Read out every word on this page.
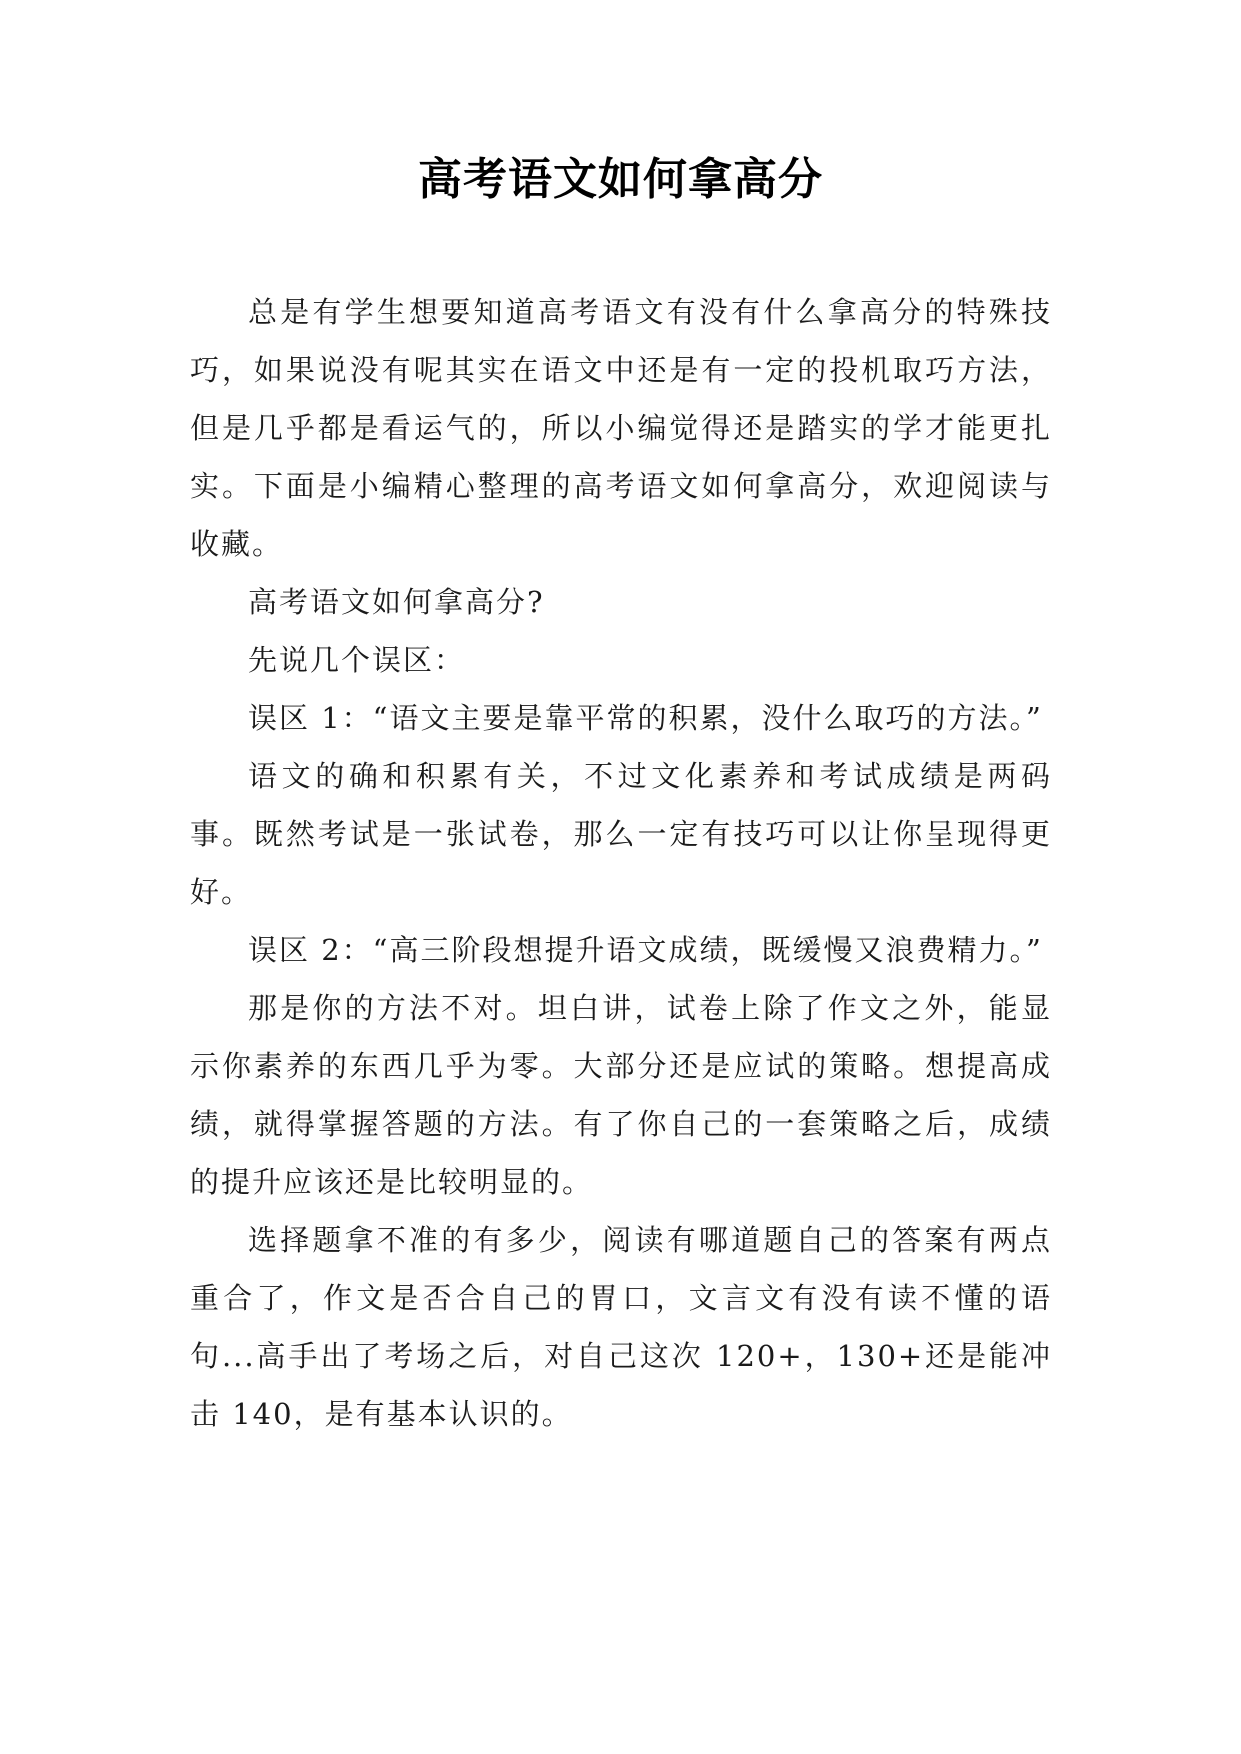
高考语文如何拿高分

总是有学生想要知道高考语文有没有什么拿高分的特殊技巧，如果说没有呢其实在语文中还是有一定的投机取巧方法，但是几乎都是看运气的，所以小编觉得还是踏实的学才能更扎实。下面是小编精心整理的高考语文如何拿高分，欢迎阅读与收藏。

高考语文如何拿高分?

先说几个误区：

误区 1：“语文主要是靠平常的积累，没什么取巧的方法。”

语文的确和积累有关，不过文化素养和考试成绩是两码事。既然考试是一张试卷，那么一定有技巧可以让你呈现得更好。

误区 2：“高三阶段想提升语文成绩，既缓慢又浪费精力。”

那是你的方法不对。坦白讲，试卷上除了作文之外，能显示你素养的东西几乎为零。大部分还是应试的策略。想提高成绩，就得掌握答题的方法。有了你自己的一套策略之后，成绩的提升应该还是比较明显的。

选择题拿不准的有多少，阅读有哪道题自己的答案有两点重合了，作文是否合自己的胃口，文言文有没有读不懂的语句...高手出了考场之后，对自己这次 120+，130+还是能冲击 140，是有基本认识的。
